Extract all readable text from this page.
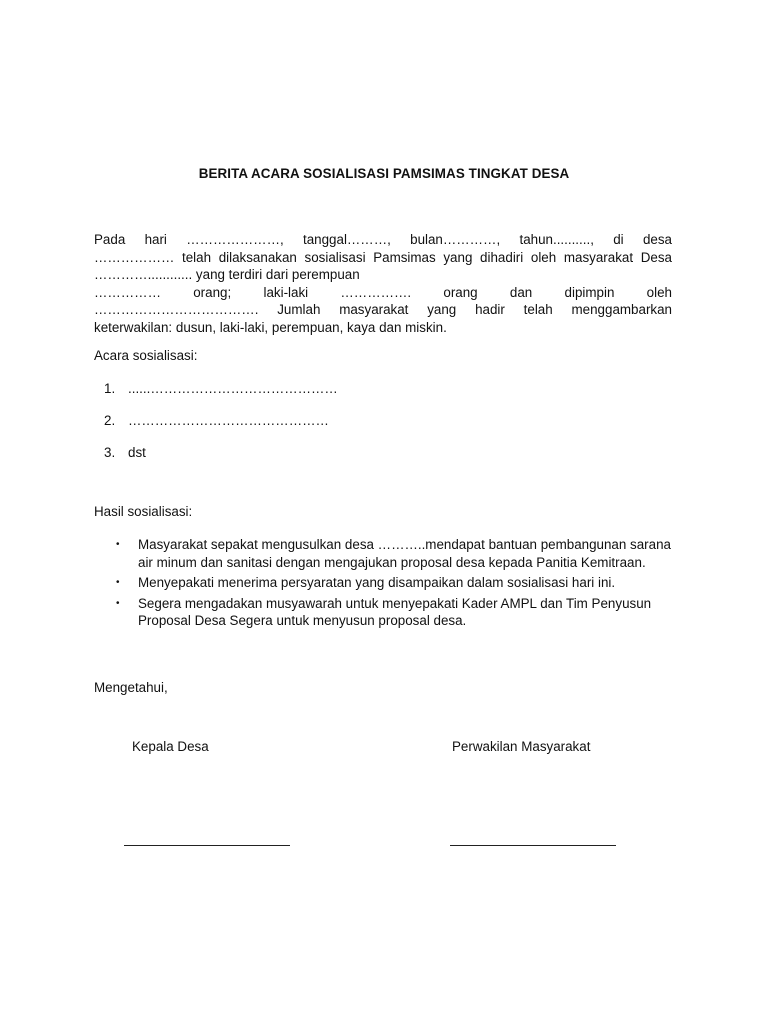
BERITA ACARA SOSIALISASI PAMSIMAS TINGKAT DESA
Pada hari …………………, tanggal………, bulan…………, tahun.........., di desa
……………… telah dilaksanakan sosialisasi Pamsimas yang dihadiri oleh masyarakat Desa
…………............ yang terdiri dari perempuan
…………… orang; laki-laki ……………. orang dan dipimpin oleh
………………………………. Jumlah masyarakat yang hadir telah menggambarkan
keterwakilan: dusun, laki-laki, perempuan, kaya dan miskin.
Acara sosialisasi:
1. ......……………………………………
2. ………………………………………
3. dst
Hasil sosialisasi:
• Masyarakat sepakat mengusulkan desa ………..mendapat bantuan pembangunan sarana air minum dan sanitasi dengan mengajukan proposal desa kepada Panitia Kemitraan.
• Menyepakati menerima persyaratan yang disampaikan dalam sosialisasi hari ini.
• Segera mengadakan musyawarah untuk menyepakati Kader AMPL dan Tim Penyusun Proposal Desa Segera untuk menyusun proposal desa.
Mengetahui,
Kepala Desa	Perwakilan Masyarakat
